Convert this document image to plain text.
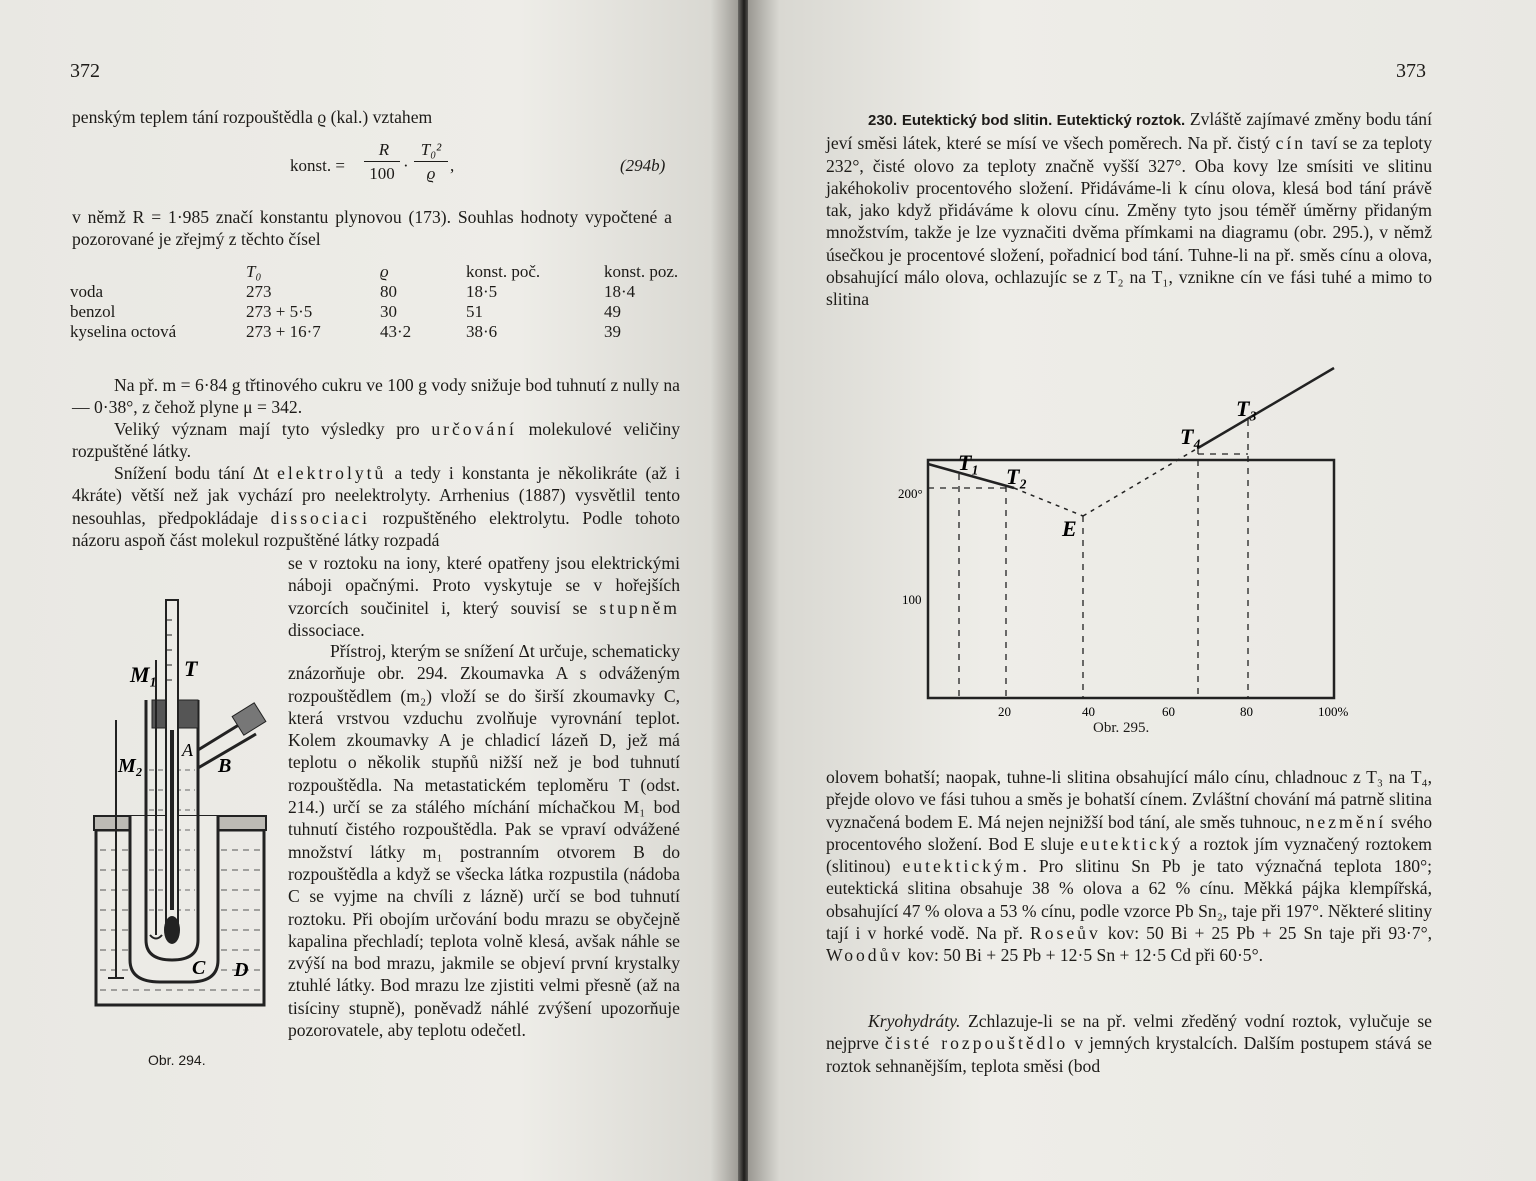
372
penským teplem tání rozpouštědla ϱ (kal.) vztahem
konst. =
R
100 ·
T₀²
ϱ ,	(294b)
v němž R = 1·985 značí konstantu plynovou (173). Souhlas hodnoty vypočtené a pozorované je zřejmý z těchto čísel
	T₀	ϱ	konst. poč.	konst. poz.
voda	273	80	18·5	18·4
benzol	273 + 5·5	30	51	49
kyselina octová	273 + 16·7	43·2	38·6	39
Na př. m = 6·84 g třtinového cukru ve 100 g vody snižuje bod tuhnutí z nully na — 0·38°, z čehož plyne μ = 342.
Veliký význam mají tyto výsledky pro určování molekulové veličiny rozpuštěné látky.
Snížení bodu tání Δt elektrolytů a tedy i konstanta je několikráte (až i 4kráte) větší než jak vychází pro neelektrolyty. Arrhenius (1887) vysvětlil tento nesouhlas, předpokládaje dissociaci rozpuštěného elektrolytu. Podle tohoto názoru aspoň část molekul rozpuštěné látky rozpadá
M₁ T
M₂
A
B
C D
Obr. 294.
se v roztoku na iony, které opatřeny jsou elektrickými náboji opačnými. Proto vyskytuje se v hořejších vzorcích součinitel i, který souvisí se stupněm dissociace.
Přístroj, kterým se snížení Δt určuje, schematicky znázorňuje obr. 294. Zkoumavka A s odváženým rozpouštědlem (m₂) vloží se do širší zkoumavky C, která vrstvou vzduchu zvolňuje vyrovnání teplot. Kolem zkoumavky A je chladicí lázeň D, jež má teplotu o několik stupňů nižší než je bod tuhnutí rozpouštědla. Na metastatickém teploměru T (odst. 214.) určí se za stálého míchání míchačkou M₁ bod tuhnutí čistého rozpouštědla. Pak se vpraví odvážené množství látky m₁ postranním otvorem B do rozpouštědla a když se všecka látka rozpustila (nádoba C se vyjme na chvíli z lázně) určí se bod tuhnutí roztoku. Při obojím určování bodu mrazu se obyčejně kapalina přechladí; teplota volně klesá, avšak náhle se zvýší na bod mrazu, jakmile se objeví první krystalky ztuhlé látky. Bod mrazu lze zjistiti velmi přesně (až na tisíciny stupně), poněvadž náhlé zvýšení upozorňuje pozorovatele, aby teplotu odečetl.
373
230. Eutektický bod slitin. Eutektický roztok. Zvláště zajímavé změny bodu tání jeví směsi látek, které se mísí ve všech poměrech. Na př. čistý cín taví se za teploty 232°, čisté olovo za teploty značně vyšší 327°. Oba kovy lze smísiti ve slitinu jakéhokoliv procentového složení. Přidáváme-li k cínu olova, klesá bod tání právě tak, jako když přidáváme k olovu cínu. Změny tyto jsou téměř úměrny přidaným množstvím, takže je lze vyznačiti dvěma přímkami na diagramu (obr. 295.), v němž úsečkou je procentové složení, pořadnicí bod tání. Tuhne-li na př. směs cínu a olova, obsahující málo olova, ochlazujíc se z T₂ na T₁, vznikne cín ve fási tuhé a mimo to slitina
200°
100
20	40	60	80	100%
T₁
T₂
T₃
T₄
E
Obr. 295.
olovem bohatší; naopak, tuhne-li slitina obsahující málo cínu, chladnouc z T₃ na T₄, přejde olovo ve fási tuhou a směs je bohatší cínem. Zvláštní chování má patrně slitina vyznačená bodem E. Má nejen nejnižší bod tání, ale směs tuhnouc, nezmění svého procentového složení. Bod E sluje eutektický a roztok jím vyznačený roztokem (slitinou) eutektickým. Pro slitinu Sn Pb je tato význačná teplota 180°; eutektická slitina obsahuje 38 % olova a 62 % cínu. Měkká pájka klempířská, obsahující 47 % olova a 53 % cínu, podle vzorce Pb Sn₂, taje při 197°. Některé slitiny tají i v horké vodě. Na př. Roseův kov: 50 Bi + 25 Pb + 25 Sn taje při 93·7°, Woodův kov: 50 Bi + 25 Pb + 12·5 Sn + 12·5 Cd při 60·5°.
Kryohydráty. Zchlazuje-li se na př. velmi zředěný vodní roztok, vylučuje se nejprve čisté rozpouštědlo v jemných krystalcích. Dalším postupem stává se roztok sehnanějším, teplota směsi (bod
